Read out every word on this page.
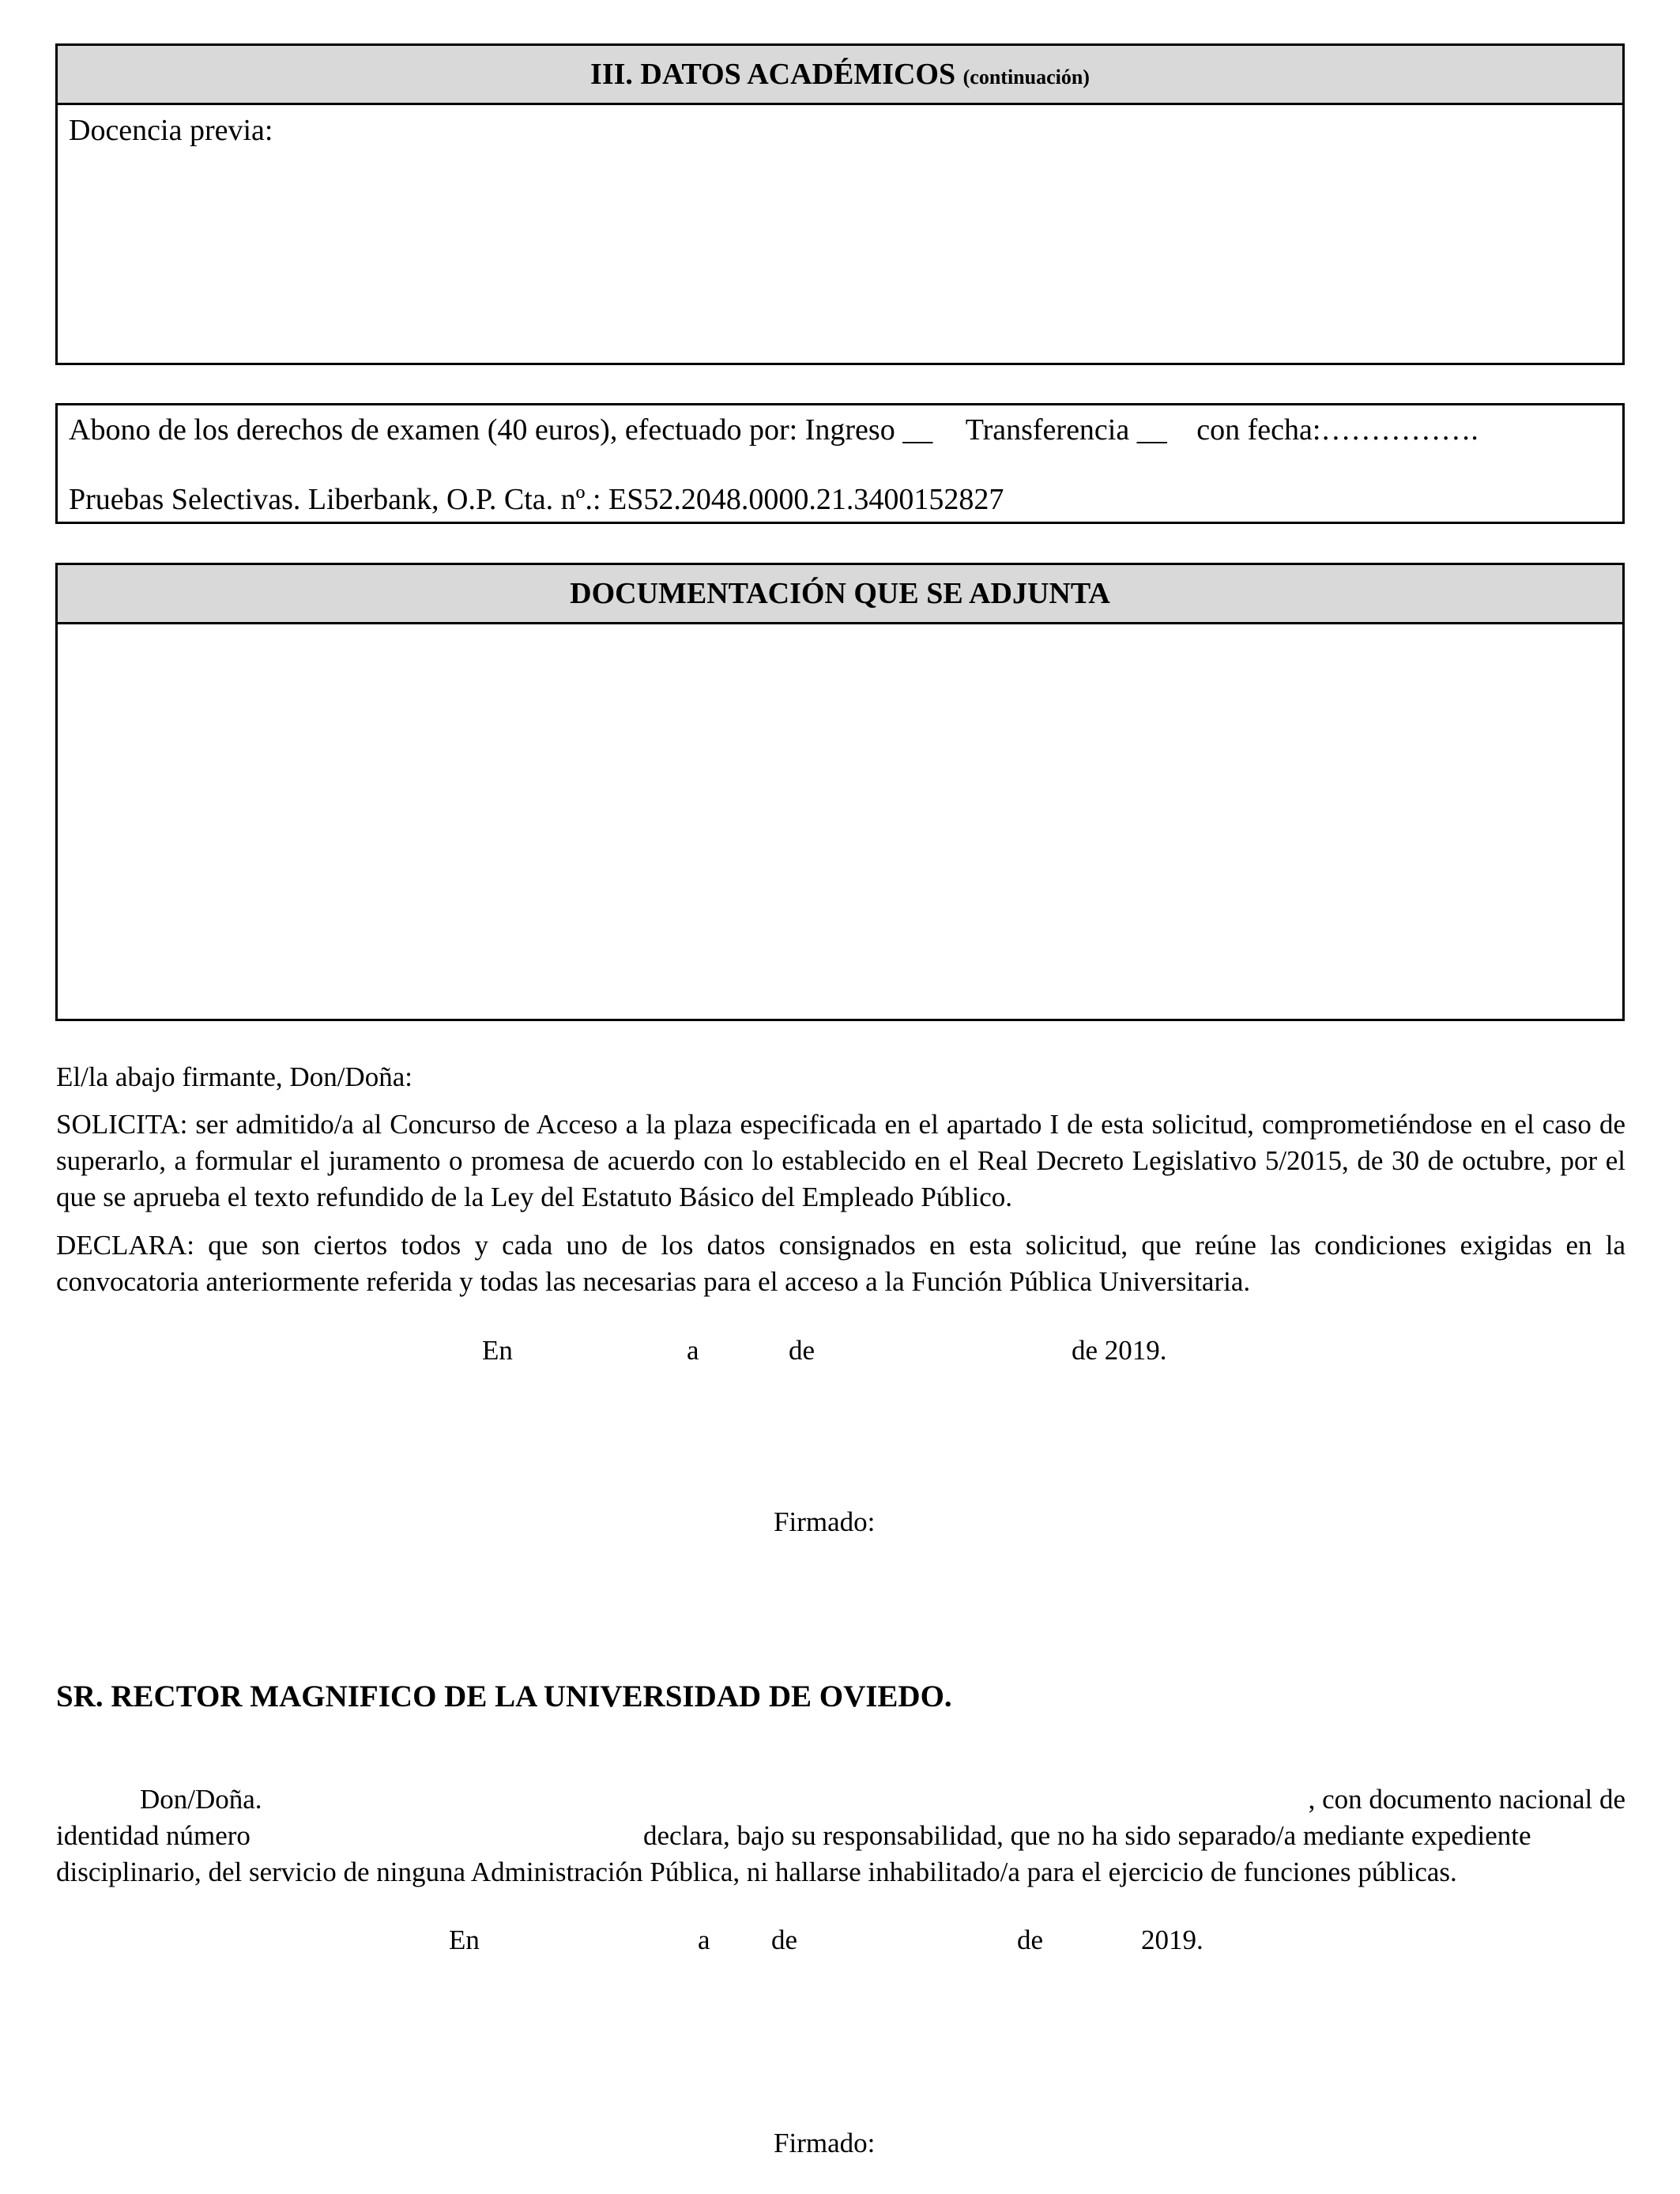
III. DATOS ACADÉMICOS (continuación)
Docencia previa:
Abono de los derechos de examen (40 euros), efectuado por: Ingreso __ Transferencia __ con fecha:…………….
Pruebas Selectivas. Liberbank, O.P. Cta. nº.: ES52.2048.0000.21.3400152827
DOCUMENTACIÓN QUE SE ADJUNTA
El/la abajo firmante, Don/Doña:

SOLICITA: ser admitido/a al Concurso de Acceso a la plaza especificada en el apartado I de esta solicitud, comprometiéndose en el caso de superarlo, a formular el juramento o promesa de acuerdo con lo establecido en el Real Decreto Legislativo 5/2015, de 30 de octubre, por el que se aprueba el texto refundido de la Ley del Estatuto Básico del Empleado Público.

DECLARA: que son ciertos todos y cada uno de los datos consignados en esta solicitud, que reúne las condiciones exigidas en la convocatoria anteriormente referida y todas las necesarias para el acceso a la Función Pública Universitaria.

En	a	de	de 2019.
Firmado:
SR. RECTOR MAGNIFICO DE LA UNIVERSIDAD DE OVIEDO.
Don/Doña.	, con documento nacional de
identidad número	declara, bajo su responsabilidad, que no ha sido separado/a mediante expediente
disciplinario, del servicio de ninguna Administración Pública, ni hallarse inhabilitado/a para el ejercicio de funciones públicas.
En	a de	de	2019.
Firmado:
